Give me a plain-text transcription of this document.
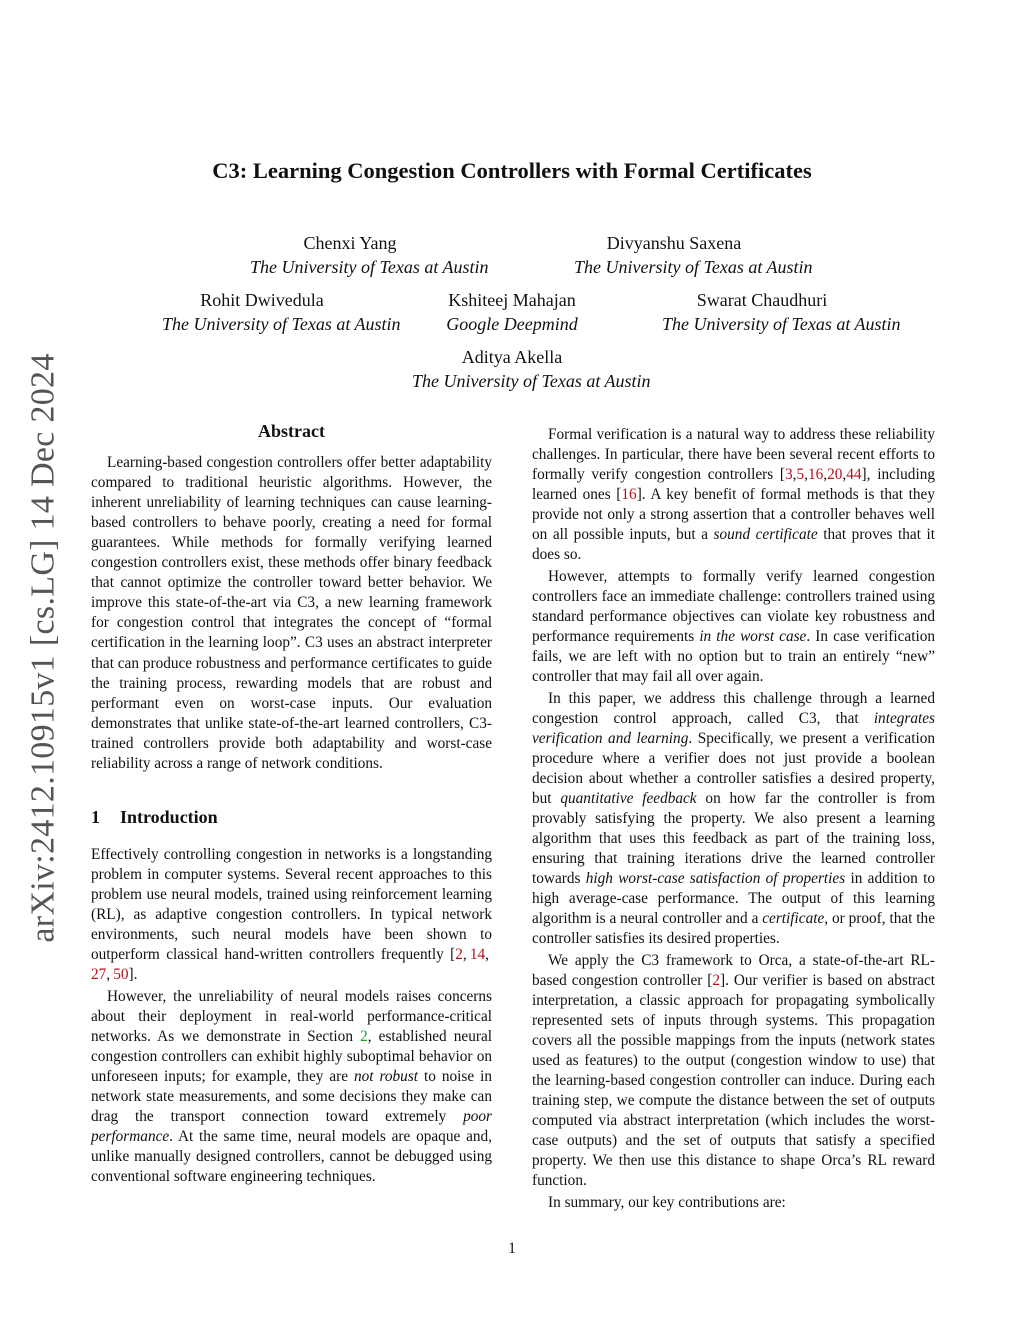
arXiv:2412.10915v1 [cs.LG] 14 Dec 2024
C3: Learning Congestion Controllers with Formal Certificates
Chenxi Yang
The University of Texas at Austin
Divyanshu Saxena
The University of Texas at Austin
Rohit Dwivedula
The University of Texas at Austin
Kshiteej Mahajan
Google Deepmind
Swarat Chaudhuri
The University of Texas at Austin
Aditya Akella
The University of Texas at Austin
Abstract

Learning-based congestion controllers offer better adaptability compared to traditional heuristic algorithms. However, the inherent unreliability of learning techniques can cause learning-based controllers to behave poorly, creating a need for formal guarantees. While methods for formally verifying learned congestion controllers exist, these methods offer binary feedback that cannot optimize the controller toward better behavior. We improve this state-of-the-art via C3, a new learning framework for congestion control that integrates the concept of “formal certification in the learning loop”. C3 uses an abstract interpreter that can produce robustness and performance certificates to guide the training process, rewarding models that are robust and performant even on worst-case inputs. Our evaluation demonstrates that unlike state-of-the-art learned controllers, C3-trained controllers provide both adaptability and worst-case reliability across a range of network conditions.

1 Introduction

Effectively controlling congestion in networks is a longstanding problem in computer systems. Several recent approaches to this problem use neural models, trained using reinforcement learning (RL), as adaptive congestion controllers. In typical network environments, such neural models have been shown to outperform classical hand-written controllers frequently [2, 14, 27, 50].

However, the unreliability of neural models raises concerns about their deployment in real-world performance-critical networks. As we demonstrate in Section 2, established neural congestion controllers can exhibit highly suboptimal behavior on unforeseen inputs; for example, they are not robust to noise in network state measurements, and some decisions they make can drag the transport connection toward extremely poor performance. At the same time, neural models are opaque and, unlike manually designed controllers, cannot be debugged using conventional software engineering techniques.

Formal verification is a natural way to address these reliability challenges. In particular, there have been several recent efforts to formally verify congestion controllers [3,5,16,20,44], including learned ones [16]. A key benefit of formal methods is that they provide not only a strong assertion that a controller behaves well on all possible inputs, but a sound certificate that proves that it does so.

However, attempts to formally verify learned congestion controllers face an immediate challenge: controllers trained using standard performance objectives can violate key robustness and performance requirements in the worst case. In case verification fails, we are left with no option but to train an entirely “new” controller that may fail all over again.

In this paper, we address this challenge through a learned congestion control approach, called C3, that integrates verification and learning. Specifically, we present a verification procedure where a verifier does not just provide a boolean decision about whether a controller satisfies a desired property, but quantitative feedback on how far the controller is from provably satisfying the property. We also present a learning algorithm that uses this feedback as part of the training loss, ensuring that training iterations drive the learned controller towards high worst-case satisfaction of properties in addition to high average-case performance. The output of this learning algorithm is a neural controller and a certificate, or proof, that the controller satisfies its desired properties.

We apply the C3 framework to Orca, a state-of-the-art RL-based congestion controller [2]. Our verifier is based on abstract interpretation, a classic approach for propagating symbolically represented sets of inputs through systems. This propagation covers all the possible mappings from the inputs (network states used as features) to the output (congestion window to use) that the learning-based congestion controller can induce. During each training step, we compute the distance between the set of outputs computed via abstract interpretation (which includes the worst-case outputs) and the set of outputs that satisfy a specified property. We then use this distance to shape Orca’s RL reward function.

In summary, our key contributions are:

1
